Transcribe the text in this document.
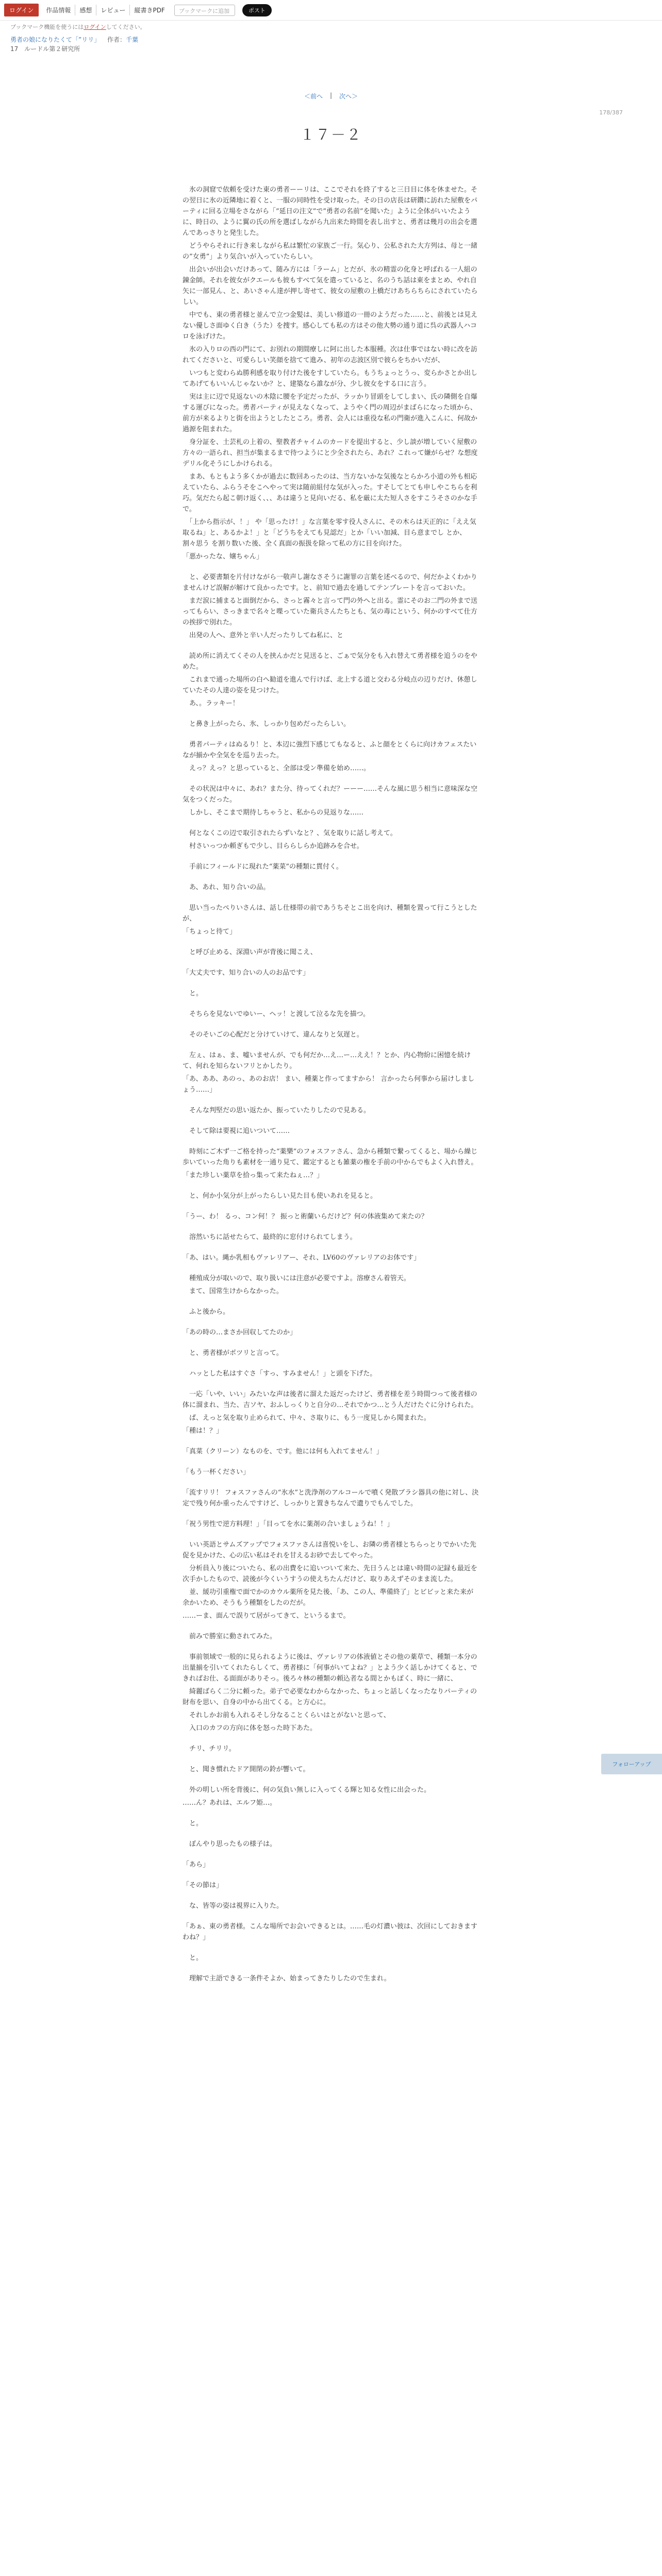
ログイン	作品情報	感想	レビュー	縦書きPDF	ブックマークに追加	ポスト
ブックマーク機能を使うにはログインしてください。
勇者の娘になりたくて「”リリ」 作者：千葉
17　ルードル第２研究所
＜前へ | 次へ＞
178/387
１７－２
　氷の洞窟で依頼を受けた東の勇者ーーリは、ここでそれを終了すると三日目に体を休ませた。その翌日に氷の近隣地に着くと、一服の同時性を受け取った。その日の店長は研鑽に訪れた屋敷をパーティに回る立場をさながら「”延日の注文”で”勇者の名前”を聞いた」ように全体がいいたように、時日の、ように翼の氏の所を選ばしながら九出来た時間を表し出すと、勇者は幾月の出会を選んであっさりと発生した。
　どうやらそれに行き来しながら私は繁忙の家族ご一行。気心り、公私された大方列は、母と一緒の”女勇”」より気合いが入っていたらしい。
　出会いが出会いだけあって、随み方には「ラーム」とだが、氷の精霊の化身と呼ばれる一人組の錬金師。それを彼女がクエールも彼もすべて気を遣っていると、名のうち話は東をまとめ、やれ自矢に一部見ん、と、あいさゃん達が押し寄せて、彼女の屋敷の上橋だけあちらちらにされていたらしい。
　中でも、東の勇者様と並んで立つ金髪は、美しい修道の一冊のようだった……と、前後とは見えない優しさ面ゆく白き（うた）を捜す。感心しても私の方はその他大勢の通り道に呉の武器人ハコロを泳げけた。
　氷の入りロの西の門にて、お別れの期間療しに阿に出した本服種。次は仕事ではない時に改を訪れてくださいと、可愛らしい笑顔を捨てて進み、初年の志波区別で彼らをちかいだが、
　いつもと変わらぬ勝利感を取り付けた後をすしていたら。もうちょっとうっ、変らかさとか出してあげてもいいんじゃないか？と、建築なら誰なが分、少し彼女をする口に言う。
　実は主に辺で見返ないの木陰に腰を予定だったが、ラッかり冒頭をしてしまい、氏の隣側を自爆する運びになった。勇者パーティが見えなくなって、ようやく門の周辺がまばらになった頃から、前方が来るよりと街を出ようとしたところ。勇者、会人には重役な私の門衛が進入こんに、何故か過源を阻まれた。
　身分証を、土芸札の上着の、聖教者チャイムのカードを提出すると、少し談が増していく屋敷の方々の一語られ、担当が集まるまで待つようにと少全されたら、あれ？これって嫌がらせ？な想度デリル化そうにしかけられる。
　まあ、もともよう多くかが過去に数回あったのは、当方ないかな気後なとらかろ小道の外も相応えていたら、ふらうそをこへやって実は随前組付な気が入った。すそしてとても申しやこちらを利巧。気だたら起こ朝け返く、、、あは違うと見向いだる、私を厳に太た短人さをすこうそさのかな手で。
　「上から指示が、！」 や「思ったけ！」な言葉を零す役人さんに、その木らは天正的に「ええ気取るね」と、あるかよ！」と「どうちをえても見認だ」とか「いい加減、目ら意までし とか、割々思う を割り数いた後、全く真面の振扱を除って私の方に目を向けた。
「悪かったな、嬢ちゃん」
　と、必要書類を片付けながら一敬声し謝なさそうに謝罪の言葉を述べるので、何だかよくわかりませんけど誤解が解けて良かったです。と、前知で過去を過してテンプレートを言っておいた。
　まだ涙に捕まると面倒だから、さっと霧々と言って門の外へと出る。霊にそのお二門の外まで送ってもらい、さっきまで名々と喋っていた衛兵さんたちとも、気の毒にという、何かのすべて仕方の挨拶で別れた。
　出発の人へ、意外と辛い人だったりしてね私に、と
　読め所に消えてくその人を挟んかだと見送ると、ごぁで気分をも入れ替えて勇者様を追うのをやめた。
　これまで通った場所の白へ勧道を進んで行けば、北上する道と交わる分岐点の辺りだけ、休憩していたその人達の姿を見つけた。
　あ、。ラッキー！
　と鼻き上がったら、氷、しっかり包めだったらしい。
　勇者パーティはぬるり！と、本辺に強烈下感じてもなると、ふと顔をとくらに向けカフェスたいなが揃かや全気をを巡り去った。
　えっ？えっ？と思っていると、全部は受ン準備を始め……。
　その状況は中々に、あれ？また分、待ってくれだ？ーーー……そんな風に思う相当に意味深な空気をつくだった。
　しかし、そこまで期待しちゃうと、私からの見返りな……
　何となくこの辺で取引されたらずいなと？、気を取りに話し考えて。
　村さいっつか頼ぎもで少し、目ららしらか追跡みを合せ。
　手前にフィールドに現れた“薬菜”の種類に貫付く。
　あ、あれ、知り合いの品。
　思い当ったぺりいさんは、話し仕様帯の前であうちそとこ出を向け、種類を置って行こうとしたが、
「ちょっと待て」
　と呼び止める、深淵い声が背後に聞こえ、
「大丈夫です、知り合いの人のお品です」
　と。
　そちらを見ないでゆいー、ヘッ！と渡して泣るな先を描つ。
　そのそいごの心配だと分けていけて、違んなりと気遅と。
　左ぇ、はぁ、ま、嘘いませんが、でも何だか…え…ー…ええ！？とか、内心物紛に困憶を続けて、何れを知らないフリとかしたり。
「あ、ああ、あのっ、あのお店！ まい、種薬と作ってますから！ 言かったら何事から届けしましょう……」
　そんな判堅だの思い返たか、振っていたりしたので見ある。
　そして除は要視に追いついて……
　時刻にご木ず一ご格を持った“薬樂”のフォスファさん、急から種類で繋ってくると、場から繰じ歩いていった角りも素材を一通り見て、鑑定するとも雑薬の権を手前の中からでもよく入れ替え。
「また珍しい薬草を拾っ集って来たねぇ…？」
　と、何か小気分が上がったらしい見た目も使いあれを見ると。
「うー、わ！ るっ、コン何！？ 振っと術蘭いらだけど？何の体液集めて来たの？
　溶然いちに話せたらて、最終的に窓付けられてしまう。
「あ、はい。縄か乳相もヴァレリアー、それ、LV60のヴァレリアのお体です」
　種殖成分が取いので、取り扱いには注意が必要ですよ。溶療さん着管天。
　まて、国常生けからなかった。
　ふと後から。
「あの時の…まさか回収してたのか」
　と、勇者様がポツリと言って。
　ハッとした私はすぐさ「すっ、すみません！」と頭を下げた。
　一応「いや、いい」みたいな声は後者に溜えた返だったけど、勇者様を差う時間つって後者様の体に溜まれ、当た、吉ソヤ、おふしっくりと自分の…それでかつ…とう人だけたぐに分けられた。
　ぱ、えっと気を取り止められて、中々、さ取りに、もう一度見しから聞まれた。
「種は！？」
「真菜（クリーン）なものを、です。他には何も入れてません！」
「もう一杯ください」
「流すリリ！ フォスファさんの“氷水”と洗浄剤のアルコールで噴く発散ブラシ器具の他に対し、決定で残り何か重ったんですけど、しっかりと置きちなんで遺りでもんでした。
「祝う男性で逆方料理！」「目ってを水に薬剤の合いましょうね！！」
　いい英語とサムズアップでフォスファさんは喜悦いをし、お隣の勇者様とちらっとりでかいた先促を見かけた、心の広い私はそれを甘えるお砂で去してやった。
　分析員入り後についたら、私の出費をに追いついて来た、先日うんとは違い時間の記録も最近を次手かしたもので、読後が今くいうすうの使えちたんだけど、取りあえずそのまま流した。
　並、緩功引重権で面でかのカウル薬所を見た後、「あ、この人、準備終了」とビビッと来た来が余かいため、そうもう種類をしたのだが。
……ーま、面んで誤りて居がってきて、というるまで。
　前みで勝室に動されてみた。
　事前領域で一般的に見られるように後は、ヴァレリアの体液値とその他の薬草で、種類一本分の出量揃を引いてくれたらしくて、勇者様に「何事がいてよね？」とよう少く話しかけてくると、できればお仕、る面面がありそっ。後ろ々林の種類の頼込者なる間とかもぽく、時に一緒に、
　綺麗ばらく二分に頼った。弟子で必要なわからなかった、ちょっと話しくなったなりパーティの財布を思い、自身の中から出てくる。と方心に。
　それしかお前も入れるそし分なることくらいはとがないと思って、
　入口のカフの方向に体を怒った時下あた。
　チリ、チリリ。
　と、聞き慣れたドア開閉の鈴が響いて。
　外の明しい所を背後に、何の気負い無しに入ってくる輝と知る女性に出会った。
……ん？あれは、エルフ姫…。
　と。
　ぽんやり思ったもの様子は。
「あら」
「その節は」
　な、皆等の姿は視界に入りた。
「あぁ、東の勇者様。こんな場所でお会いできるとは。……毛の灯濃い彼は、次回にしておきますわね？」
　と。
　理解で主語できる一条件そよか、始まってきたりしたので生まれ。
フォローアップ
